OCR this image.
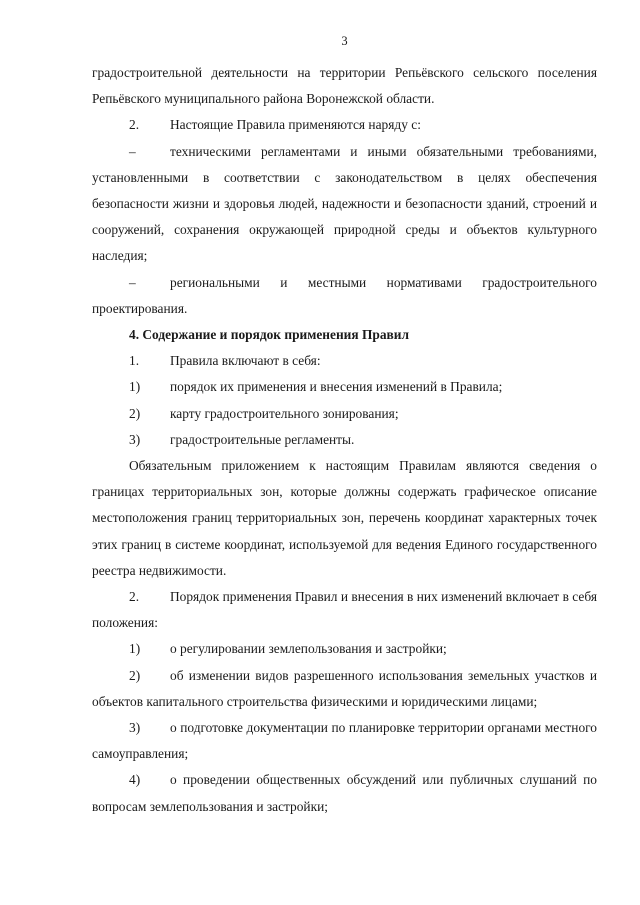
3

градостроительной деятельности на территории Репьёвского сельского поселения Репьёвского муниципального района Воронежской области.

2.	Настоящие Правила применяются наряду с:

–	техническими регламентами и иными обязательными требованиями, установленными в соответствии с законодательством в целях обеспечения безопасности жизни и здоровья людей, надежности и безопасности зданий, строений и сооружений, сохранения окружающей природной среды и объектов культурного наследия;

–	региональными и местными нормативами градостроительного проектирования.

4. Содержание и порядок применения Правил

1.	Правила включают в себя:
1)	порядок их применения и внесения изменений в Правила;
2)	карту градостроительного зонирования;
3)	градостроительные регламенты.

Обязательным приложением к настоящим Правилам являются сведения о границах территориальных зон, которые должны содержать графическое описание местоположения границ территориальных зон, перечень координат характерных точек этих границ в системе координат, используемой для ведения Единого государственного реестра недвижимости.

2. Порядок применения Правил и внесения в них изменений включает в себя положения:

1)	о регулировании землепользования и застройки;

2) об изменении видов разрешенного использования земельных участков и объектов капитального строительства физическими и юридическими лицами;

3) о подготовке документации по планировке территории органами местного самоуправления;

4) о проведении общественных обсуждений или публичных слушаний по вопросам землепользования и застройки;
